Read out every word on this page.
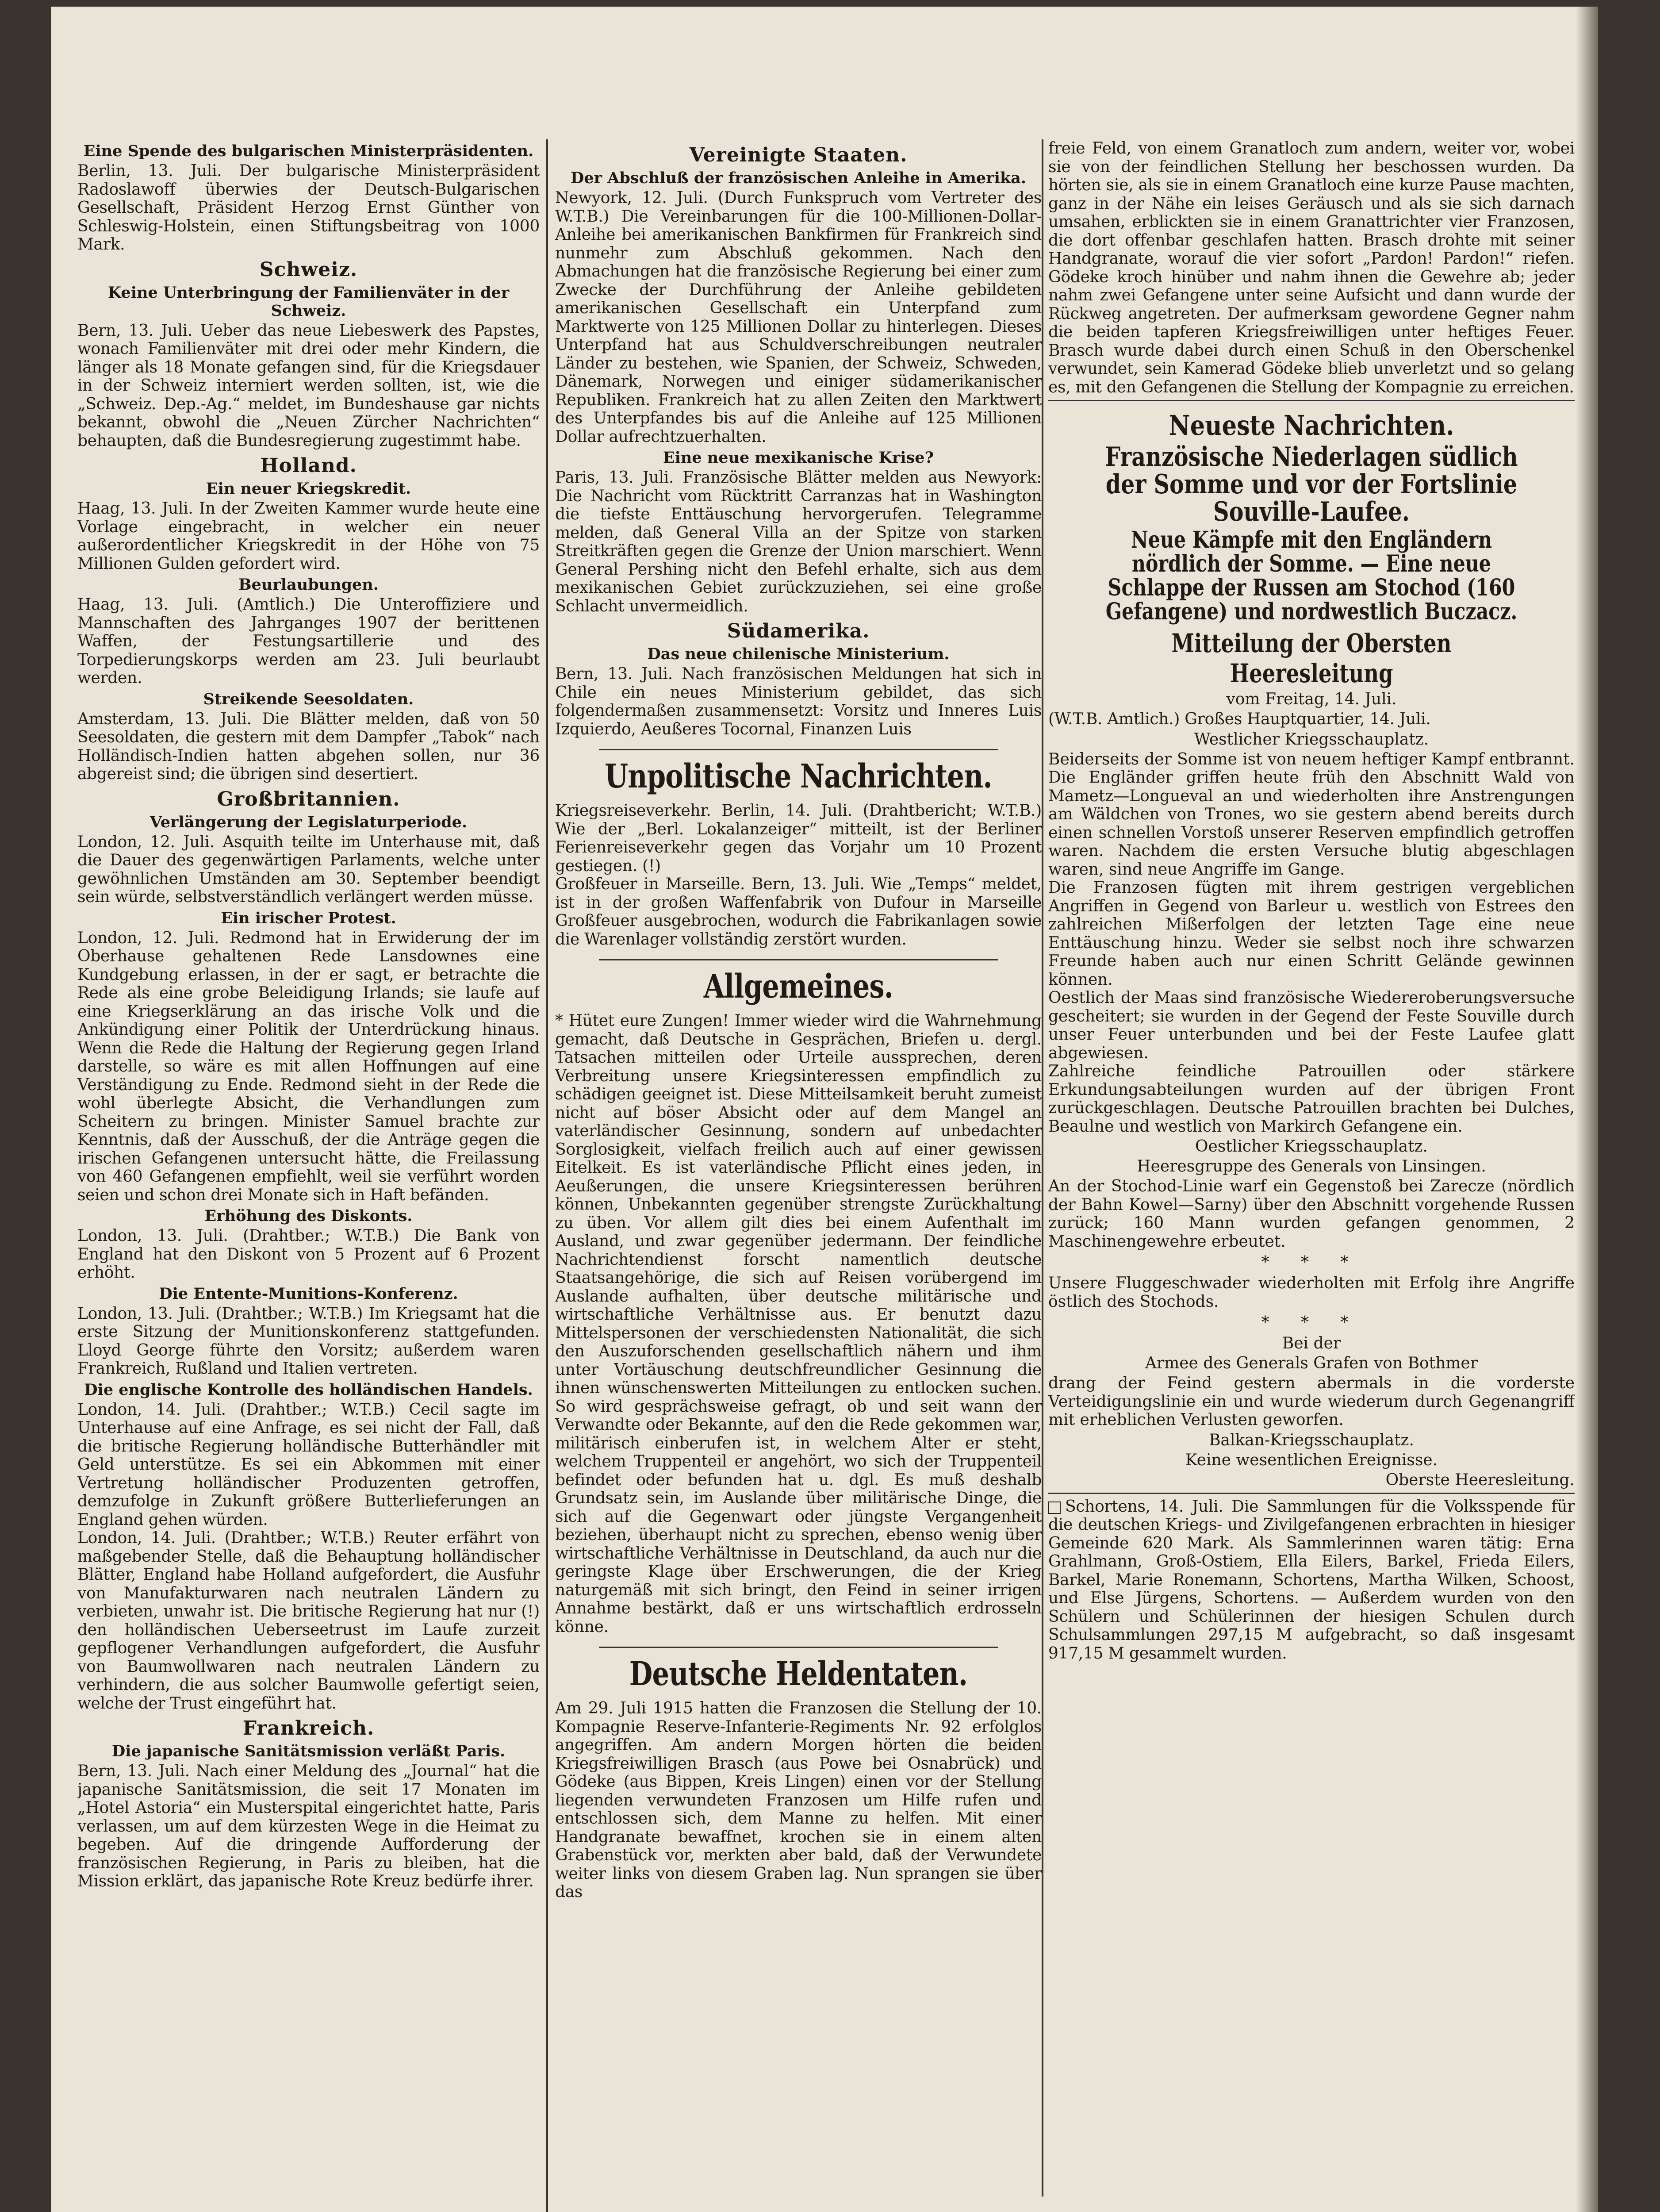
Eine Spende des bulgarischen Ministerpräsidenten.

Berlin, 13. Juli. Der bulgarische Ministerpräsident Radoslawoff überwies der Deutsch-Bulgarischen Gesellschaft, Präsident Herzog Ernst Günther von Schleswig-Holstein, einen Stiftungsbeitrag von 1000 Mark.

Schweiz.
Keine Unterbringung der Familienväter in der Schweiz.

Bern, 13. Juli. Ueber das neue Liebeswerk des Papstes, wonach Familienväter mit drei oder mehr Kindern, die länger als 18 Monate gefangen sind, für die Kriegsdauer in der Schweiz interniert werden sollten, ist, wie die „Schweiz. Dep.-Ag.“ meldet, im Bundeshause gar nichts bekannt, obwohl die „Neuen Zürcher Nachrichten“ behaupten, daß die Bundesregierung zugestimmt habe.

Holland.
Ein neuer Kriegskredit.

Haag, 13. Juli. In der Zweiten Kammer wurde heute eine Vorlage eingebracht, in welcher ein neuer außerordentlicher Kriegskredit in der Höhe von 75 Millionen Gulden gefordert wird.

Beurlaubungen.

Haag, 13. Juli. (Amtlich.) Die Unteroffiziere und Mannschaften des Jahrganges 1907 der berittenen Waffen, der Festungsartillerie und des Torpedierungskorps werden am 23. Juli beurlaubt werden.

Streikende Seesoldaten.

Amsterdam, 13. Juli. Die Blätter melden, daß von 50 Seesoldaten, die gestern mit dem Dampfer „Tabok“ nach Holländisch-Indien hatten abgehen sollen, nur 36 abgereist sind; die übrigen sind desertiert.

Großbritannien.
Verlängerung der Legislaturperiode.

London, 12. Juli. Asquith teilte im Unterhause mit, daß die Dauer des gegenwärtigen Parlaments, welche unter gewöhnlichen Umständen am 30. September beendigt sein würde, selbstverständlich verlängert werden müsse.

Ein irischer Protest.

London, 12. Juli. Redmond hat in Erwiderung der im Oberhause gehaltenen Rede Lansdownes eine Kundgebung erlassen, in der er sagt, er betrachte die Rede als eine grobe Beleidigung Irlands; sie laufe auf eine Kriegserklärung an das irische Volk und die Ankündigung einer Politik der Unterdrückung hinaus. Wenn die Rede die Haltung der Regierung gegen Irland darstelle, so wäre es mit allen Hoffnungen auf eine Verständigung zu Ende. Redmond sieht in der Rede die wohl überlegte Absicht, die Verhandlungen zum Scheitern zu bringen. Minister Samuel brachte zur Kenntnis, daß der Ausschuß, der die Anträge gegen die irischen Gefangenen untersucht hätte, die Freilassung von 460 Gefangenen empfiehlt, weil sie verführt worden seien und schon drei Monate sich in Haft befänden.

Erhöhung des Diskonts.

London, 13. Juli. (Drahtber.; W.T.B.) Die Bank von England hat den Diskont von 5 Prozent auf 6 Prozent erhöht.

Die Entente-Munitions-Konferenz.

London, 13. Juli. (Drahtber.; W.T.B.) Im Kriegsamt hat die erste Sitzung der Munitionskonferenz stattgefunden. Lloyd George führte den Vorsitz; außerdem waren Frankreich, Rußland und Italien vertreten.

Die englische Kontrolle des holländischen Handels.

London, 14. Juli. (Drahtber.; W.T.B.) Cecil sagte im Unterhause auf eine Anfrage, es sei nicht der Fall, daß die britische Regierung holländische Butterhändler mit Geld unterstütze. Es sei ein Abkommen mit einer Vertretung holländischer Produzenten getroffen, demzufolge in Zukunft größere Butterlieferungen an England gehen würden.

London, 14. Juli. (Drahtber.; W.T.B.) Reuter erfährt von maßgebender Stelle, daß die Behauptung holländischer Blätter, England habe Holland aufgefordert, die Ausfuhr von Manufakturwaren nach neutralen Ländern zu verbieten, unwahr ist. Die britische Regierung hat nur (!) den holländischen Ueberseetrust im Laufe zurzeit gepflogener Verhandlungen aufgefordert, die Ausfuhr von Baumwollwaren nach neutralen Ländern zu verhindern, die aus solcher Baumwolle gefertigt seien, welche der Trust eingeführt hat.

Frankreich.
Die japanische Sanitätsmission verläßt Paris.

Bern, 13. Juli. Nach einer Meldung des „Journal“ hat die japanische Sanitätsmission, die seit 17 Monaten im „Hotel Astoria“ ein Musterspital eingerichtet hatte, Paris verlassen, um auf dem kürzesten Wege in die Heimat zu begeben. Auf die dringende Aufforderung der französischen Regierung, in Paris zu bleiben, hat die Mission erklärt, das japanische Rote Kreuz bedürfe ihrer.

Vereinigte Staaten.
Der Abschluß der französischen Anleihe in Amerika.

Newyork, 12. Juli. (Durch Funkspruch vom Vertreter des W.T.B.) Die Vereinbarungen für die 100-Millionen-Dollar-Anleihe bei amerikanischen Bankfirmen für Frankreich sind nunmehr zum Abschluß gekommen. Nach den Abmachungen hat die französische Regierung bei einer zum Zwecke der Durchführung der Anleihe gebildeten amerikanischen Gesellschaft ein Unterpfand zum Marktwerte von 125 Millionen Dollar zu hinterlegen. Dieses Unterpfand hat aus Schuldverschreibungen neutraler Länder zu bestehen, wie Spanien, der Schweiz, Schweden, Dänemark, Norwegen und einiger südamerikanischer Republiken. Frankreich hat zu allen Zeiten den Marktwert des Unterpfandes bis auf die Anleihe auf 125 Millionen Dollar aufrechtzuerhalten.

Eine neue mexikanische Krise?

Paris, 13. Juli. Französische Blätter melden aus Newyork: Die Nachricht vom Rücktritt Carranzas hat in Washington die tiefste Enttäuschung hervorgerufen. Telegramme melden, daß General Villa an der Spitze von starken Streitkräften gegen die Grenze der Union marschiert. Wenn General Pershing nicht den Befehl erhalte, sich aus dem mexikanischen Gebiet zurückzuziehen, sei eine große Schlacht unvermeidlich.

Südamerika.
Das neue chilenische Ministerium.

Bern, 13. Juli. Nach französischen Meldungen hat sich in Chile ein neues Ministerium gebildet, das sich folgendermaßen zusammensetzt: Vorsitz und Inneres Luis Izquierdo, Aeußeres Tocornal, Finanzen Luis

Unpolitische Nachrichten.

Kriegsreiseverkehr. Berlin, 14. Juli. (Drahtbericht; W.T.B.) Wie der „Berl. Lokalanzeiger“ mitteilt, ist der Berliner Ferienreiseverkehr gegen das Vorjahr um 10 Prozent gestiegen. (!)

Großfeuer in Marseille. Bern, 13. Juli. Wie „Temps“ meldet, ist in der großen Waffenfabrik von Dufour in Marseille Großfeuer ausgebrochen, wodurch die Fabrikanlagen sowie die Warenlager vollständig zerstört wurden.

Allgemeines.

* Hütet eure Zungen! Immer wieder wird die Wahrnehmung gemacht, daß Deutsche in Gesprächen, Briefen u. dergl. Tatsachen mitteilen oder Urteile aussprechen, deren Verbreitung unsere Kriegsinteressen empfindlich zu schädigen geeignet ist. Diese Mitteilsamkeit beruht zumeist nicht auf böser Absicht oder auf dem Mangel an vaterländischer Gesinnung, sondern auf unbedachter Sorglosigkeit, vielfach freilich auch auf einer gewissen Eitelkeit. Es ist vaterländische Pflicht eines jeden, in Aeußerungen, die unsere Kriegsinteressen berühren können, Unbekannten gegenüber strengste Zurückhaltung zu üben. Vor allem gilt dies bei einem Aufenthalt im Ausland, und zwar gegenüber jedermann. Der feindliche Nachrichtendienst forscht namentlich deutsche Staatsangehörige, die sich auf Reisen vorübergend im Auslande aufhalten, über deutsche militärische und wirtschaftliche Verhältnisse aus. Er benutzt dazu Mittelspersonen der verschiedensten Nationalität, die sich den Auszuforschenden gesellschaftlich nähern und ihm unter Vortäuschung deutschfreundlicher Gesinnung die ihnen wünschenswerten Mitteilungen zu entlocken suchen. So wird gesprächsweise gefragt, ob und seit wann der Verwandte oder Bekannte, auf den die Rede gekommen war, militärisch einberufen ist, in welchem Alter er steht, welchem Truppenteil er angehört, wo sich der Truppenteil befindet oder befunden hat u. dgl. Es muß deshalb Grundsatz sein, im Auslande über militärische Dinge, die sich auf die Gegenwart oder jüngste Vergangenheit beziehen, überhaupt nicht zu sprechen, ebenso wenig über wirtschaftliche Verhältnisse in Deutschland, da auch nur die geringste Klage über Erschwerungen, die der Krieg naturgemäß mit sich bringt, den Feind in seiner irrigen Annahme bestärkt, daß er uns wirtschaftlich erdrosseln könne.

Deutsche Heldentaten.

Am 29. Juli 1915 hatten die Franzosen die Stellung der 10. Kompagnie Reserve-Infanterie-Regiments Nr. 92 erfolglos angegriffen. Am andern Morgen hörten die beiden Kriegsfreiwilligen Brasch (aus Powe bei Osnabrück) und Gödeke (aus Bippen, Kreis Lingen) einen vor der Stellung liegenden verwundeten Franzosen um Hilfe rufen und entschlossen sich, dem Manne zu helfen. Mit einer Handgranate bewaffnet, krochen sie in einem alten Grabenstück vor, merkten aber bald, daß der Verwundete weiter links von diesem Graben lag. Nun sprangen sie über das

freie Feld, von einem Granatloch zum andern, weiter vor, wobei sie von der feindlichen Stellung her beschossen wurden. Da hörten sie, als sie in einem Granatloch eine kurze Pause machten, ganz in der Nähe ein leises Geräusch und als sie sich darnach umsahen, erblickten sie in einem Granattrichter vier Franzosen, die dort offenbar geschlafen hatten. Brasch drohte mit seiner Handgranate, worauf die vier sofort „Pardon! Pardon!“ riefen. Gödeke kroch hinüber und nahm ihnen die Gewehre ab; jeder nahm zwei Gefangene unter seine Aufsicht und dann wurde der Rückweg angetreten. Der aufmerksam gewordene Gegner nahm die beiden tapferen Kriegsfreiwilligen unter heftiges Feuer. Brasch wurde dabei durch einen Schuß in den Oberschenkel verwundet, sein Kamerad Gödeke blieb unverletzt und so gelang es, mit den Gefangenen die Stellung der Kompagnie zu erreichen.

Neueste Nachrichten.
Französische Niederlagen südlich der Somme und vor der Fortslinie Souville-Laufee.
Neue Kämpfe mit den Engländern nördlich der Somme. — Eine neue Schlappe der Russen am Stochod (160 Gefangene) und nordwestlich Buczacz.
Mitteilung der Obersten Heeresleitung
vom Freitag, 14. Juli.

(W.T.B. Amtlich.) Großes Hauptquartier, 14. Juli.

Westlicher Kriegsschauplatz.

Beiderseits der Somme ist von neuem heftiger Kampf entbrannt. Die Engländer griffen heute früh den Abschnitt Wald von Mametz—Longueval an und wiederholten ihre Anstrengungen am Wäldchen von Trones, wo sie gestern abend bereits durch einen schnellen Vorstoß unserer Reserven empfindlich getroffen waren. Nachdem die ersten Versuche blutig abgeschlagen waren, sind neue Angriffe im Gange.

Die Franzosen fügten mit ihrem gestrigen vergeblichen Angriffen in Gegend von Barleur u. westlich von Estrees den zahlreichen Mißerfolgen der letzten Tage eine neue Enttäuschung hinzu. Weder sie selbst noch ihre schwarzen Freunde haben auch nur einen Schritt Gelände gewinnen können.

Oestlich der Maas sind französische Wiedereroberungsversuche gescheitert; sie wurden in der Gegend der Feste Souville durch unser Feuer unterbunden und bei der Feste Laufee glatt abgewiesen.

Zahlreiche feindliche Patrouillen oder stärkere Erkundungsabteilungen wurden auf der übrigen Front zurückgeschlagen. Deutsche Patrouillen brachten bei Dulches, Beaulne und westlich von Markirch Gefangene ein.

Oestlicher Kriegsschauplatz.
Heeresgruppe des Generals von Linsingen.

An der Stochod-Linie warf ein Gegenstoß bei Zarecze (nördlich der Bahn Kowel—Sarny) über den Abschnitt vorgehende Russen zurück; 160 Mann wurden gefangen genommen, 2 Maschinengewehre erbeutet.

* * *

Unsere Fluggeschwader wiederholten mit Erfolg ihre Angriffe östlich des Stochods.

* * *
Bei der
Armee des Generals Grafen von Bothmer

drang der Feind gestern abermals in die vorderste Verteidigungslinie ein und wurde wiederum durch Gegenangriff mit erheblichen Verlusten geworfen.

Balkan-Kriegsschauplatz.
Keine wesentlichen Ereignisse.

Oberste Heeresleitung.

Schortens, 14. Juli. Die Sammlungen für die Volksspende für die deutschen Kriegs- und Zivilgefangenen erbrachten in hiesiger Gemeinde 620 Mark. Als Sammlerinnen waren tätig: Erna Grahlmann, Groß-Ostiem, Ella Eilers, Barkel, Frieda Eilers, Barkel, Marie Ronemann, Schortens, Martha Wilken, Schoost, und Else Jürgens, Schortens. — Außerdem wurden von den Schülern und Schülerinnen der hiesigen Schulen durch Schulsammlungen 297,15 M aufgebracht, so daß insgesamt 917,15 M gesammelt wurden.
